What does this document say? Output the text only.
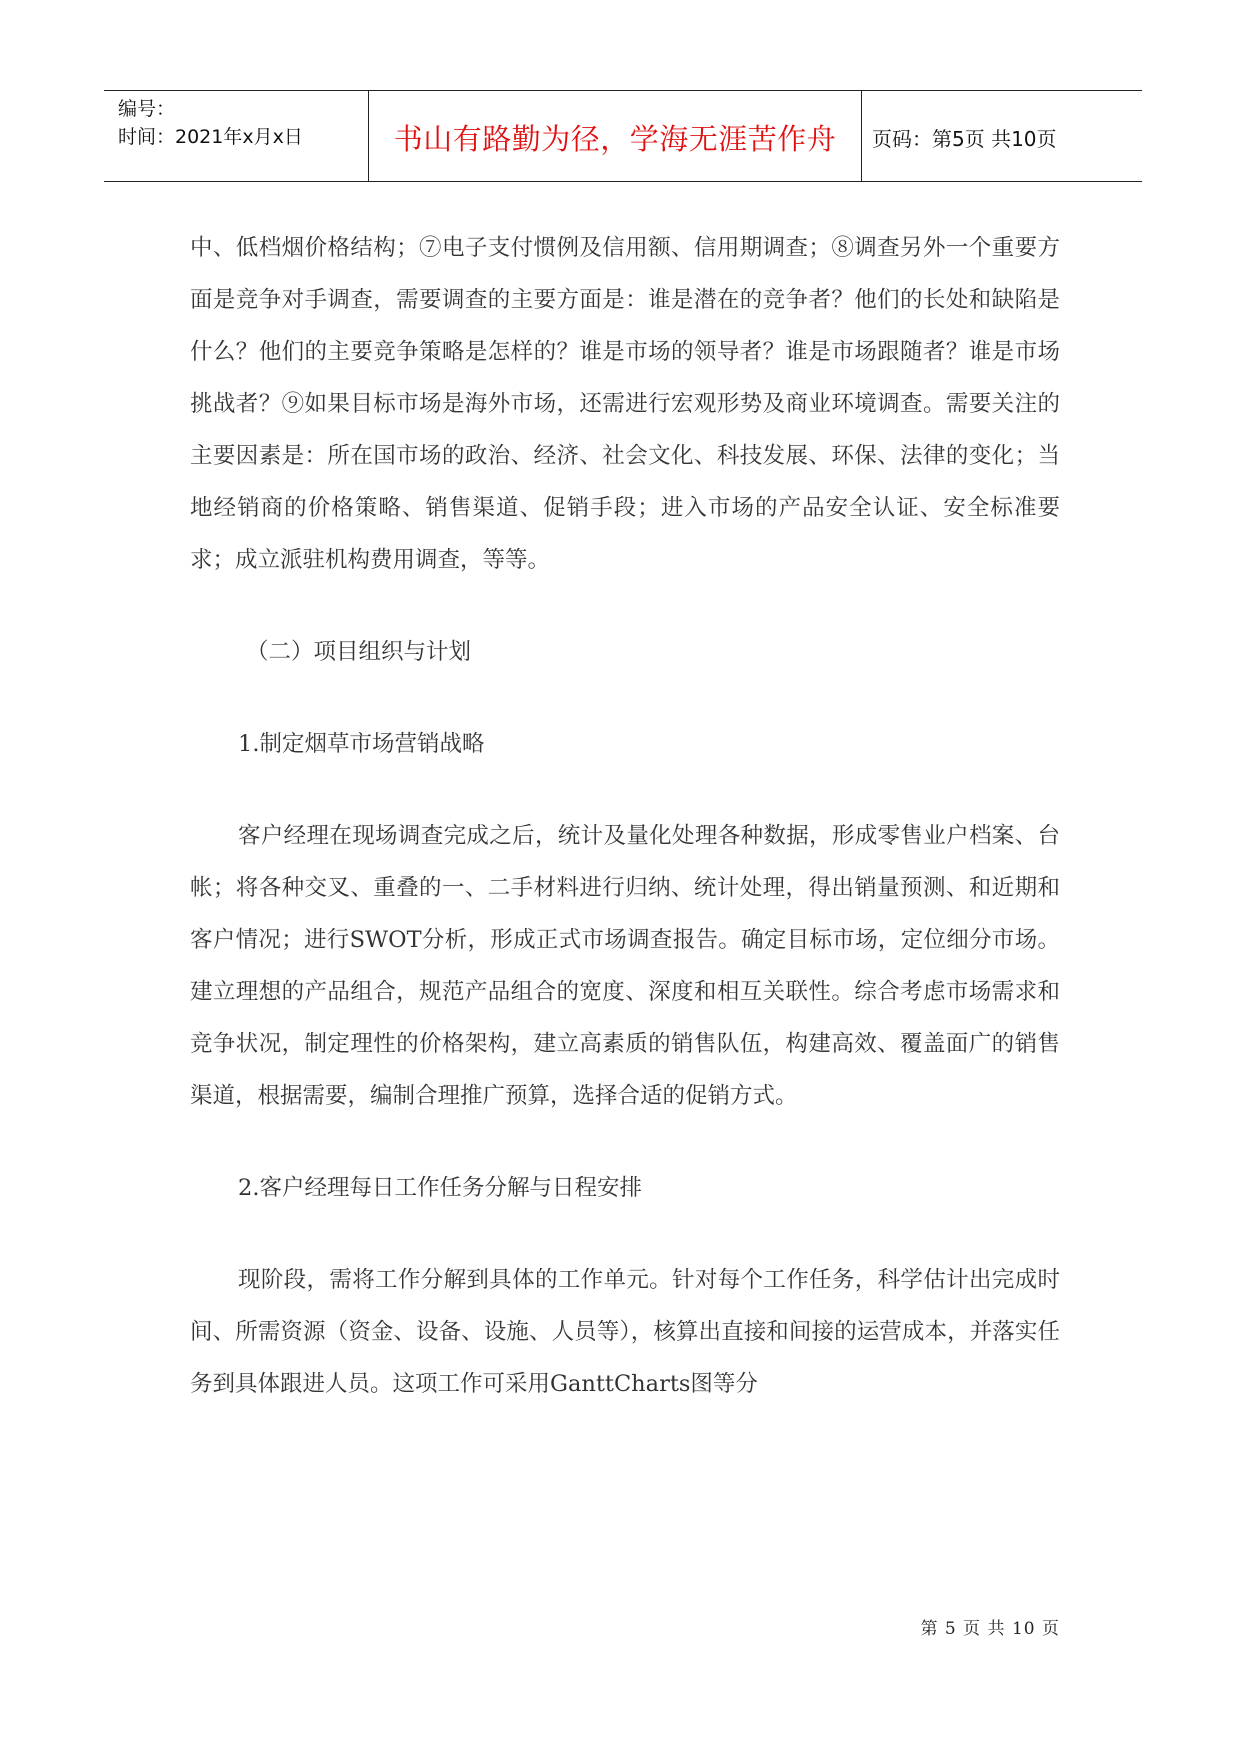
编号：
时间：2021年x月x日	书山有路勤为径，学海无涯苦作舟	页码：第5页 共10页

中、低档烟价格结构；⑦电子支付惯例及信用额、信用期调查；⑧调查另外一个重要方面是竞争对手调查，需要调查的主要方面是：谁是潜在的竞争者？他们的长处和缺陷是什么？他们的主要竞争策略是怎样的？谁是市场的领导者？谁是市场跟随者？谁是市场挑战者？⑨如果目标市场是海外市场，还需进行宏观形势及商业环境调查。需要关注的主要因素是：所在国市场的政治、经济、社会文化、科技发展、环保、法律的变化；当地经销商的价格策略、销售渠道、促销手段；进入市场的产品安全认证、安全标准要求；成立派驻机构费用调查，等等。

（二）项目组织与计划

1.制定烟草市场营销战略

客户经理在现场调查完成之后，统计及量化处理各种数据，形成零售业户档案、台帐；将各种交叉、重叠的一、二手材料进行归纳、统计处理，得出销量预测、和近期和客户情况；进行SWOT分析，形成正式市场调查报告。确定目标市场，定位细分市场。建立理想的产品组合，规范产品组合的宽度、深度和相互关联性。综合考虑市场需求和竞争状况，制定理性的价格架构，建立高素质的销售队伍，构建高效、覆盖面广的销售渠道，根据需要，编制合理推广预算，选择合适的促销方式。

2.客户经理每日工作任务分解与日程安排

现阶段，需将工作分解到具体的工作单元。针对每个工作任务，科学估计出完成时间、所需资源（资金、设备、设施、人员等），核算出直接和间接的运营成本，并落实任务到具体跟进人员。这项工作可采用GanttCharts图等分

第 5 页 共 10 页
